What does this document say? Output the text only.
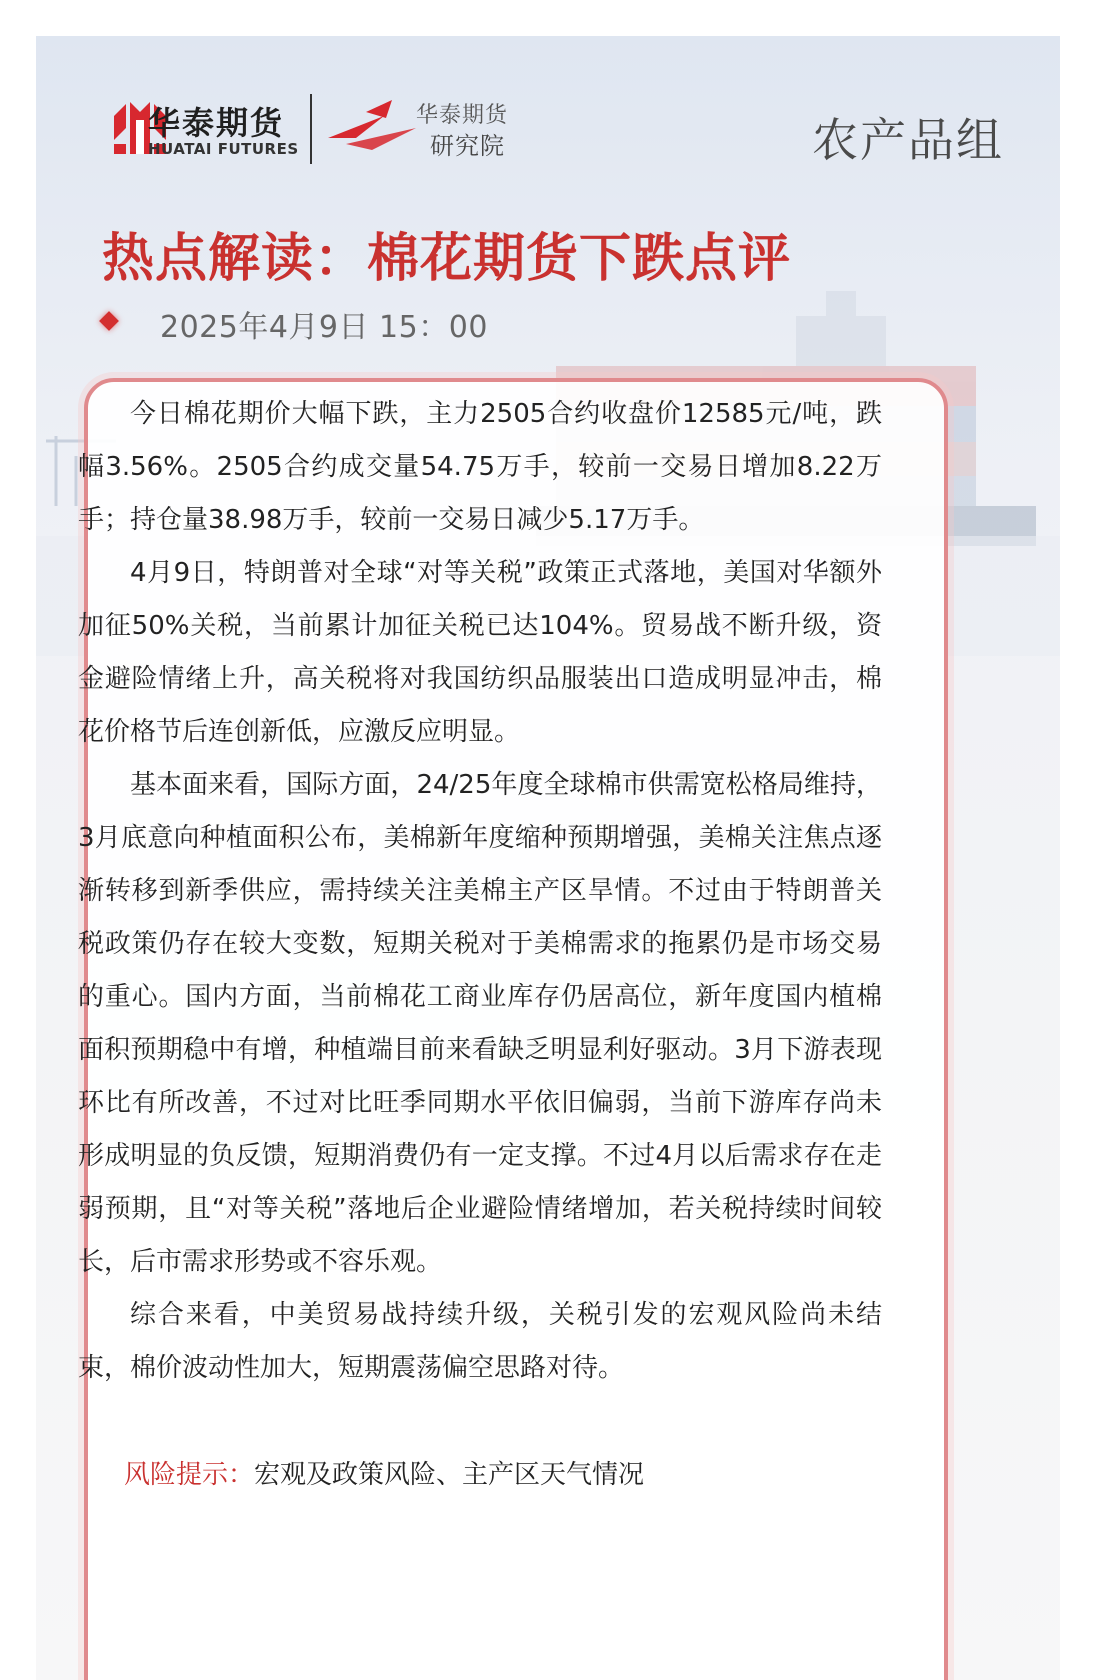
华泰期货
HUATAI FUTURES
华泰期货
研究院	农产品组
热点解读：棉花期货下跌点评
2025年4月9日 15：00

今日棉花期价大幅下跌，主力2505合约收盘价12585元/吨，跌幅3.56%。2505合约成交量54.75万手，较前一交易日增加8.22万手；持仓量38.98万手，较前一交易日减少5.17万手。

4月9日，特朗普对全球“对等关税”政策正式落地，美国对华额外加征50%关税，当前累计加征关税已达104%。贸易战不断升级，资金避险情绪上升，高关税将对我国纺织品服装出口造成明显冲击，棉花价格节后连创新低，应激反应明显。

基本面来看，国际方面，24/25年度全球棉市供需宽松格局维持，3月底意向种植面积公布，美棉新年度缩种预期增强，美棉关注焦点逐渐转移到新季供应，需持续关注美棉主产区旱情。不过由于特朗普关税政策仍存在较大变数，短期关税对于美棉需求的拖累仍是市场交易的重心。国内方面，当前棉花工商业库存仍居高位，新年度国内植棉面积预期稳中有增，种植端目前来看缺乏明显利好驱动。3月下游表现环比有所改善，不过对比旺季同期水平依旧偏弱，当前下游库存尚未形成明显的负反馈，短期消费仍有一定支撑。不过4月以后需求存在走弱预期，且“对等关税”落地后企业避险情绪增加，若关税持续时间较长，后市需求形势或不容乐观。

综合来看，中美贸易战持续升级，关税引发的宏观风险尚未结束，棉价波动性加大，短期震荡偏空思路对待。

风险提示：宏观及政策风险、主产区天气情况
